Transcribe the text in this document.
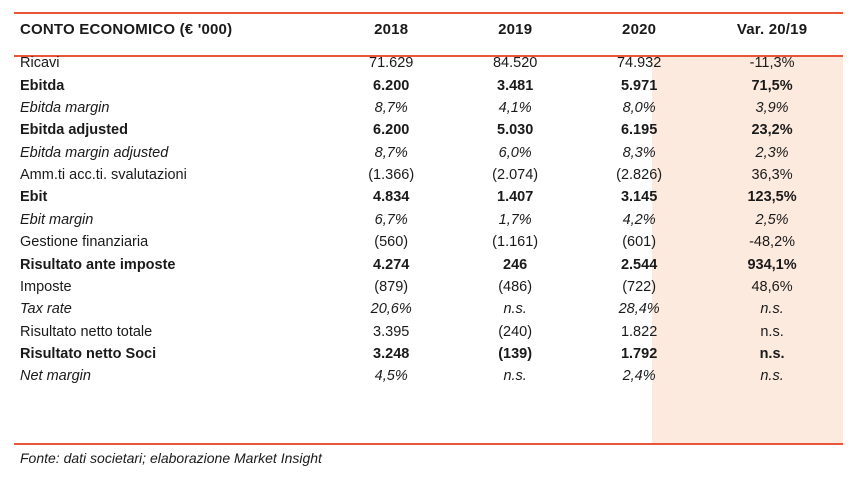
CONTO ECONOMICO (€ '000)	2018	2019	2020	Var. 20/19

Ricavi	71.629	84.520	74.932	-11,3%
Ebitda	6.200	3.481	5.971	71,5%
Ebitda margin	8,7%	4,1%	8,0%	3,9%
Ebitda adjusted	6.200	5.030	6.195	23,2%
Ebitda margin adjusted	8,7%	6,0%	8,3%	2,3%
Amm.ti acc.ti. svalutazioni	(1.366)	(2.074)	(2.826)	36,3%
Ebit	4.834	1.407	3.145	123,5%
Ebit margin	6,7%	1,7%	4,2%	2,5%
Gestione finanziaria	(560)	(1.161)	(601)	-48,2%
Risultato ante imposte	4.274	246	2.544	934,1%
Imposte	(879)	(486)	(722)	48,6%
Tax rate	20,6%	n.s.	28,4%	n.s.
Risultato netto totale	3.395	(240)	1.822	n.s.
Risultato netto Soci	3.248	(139)	1.792	n.s.
Net margin	4,5%	n.s.	2,4%	n.s.
Fonte: dati societari; elaborazione Market Insight
